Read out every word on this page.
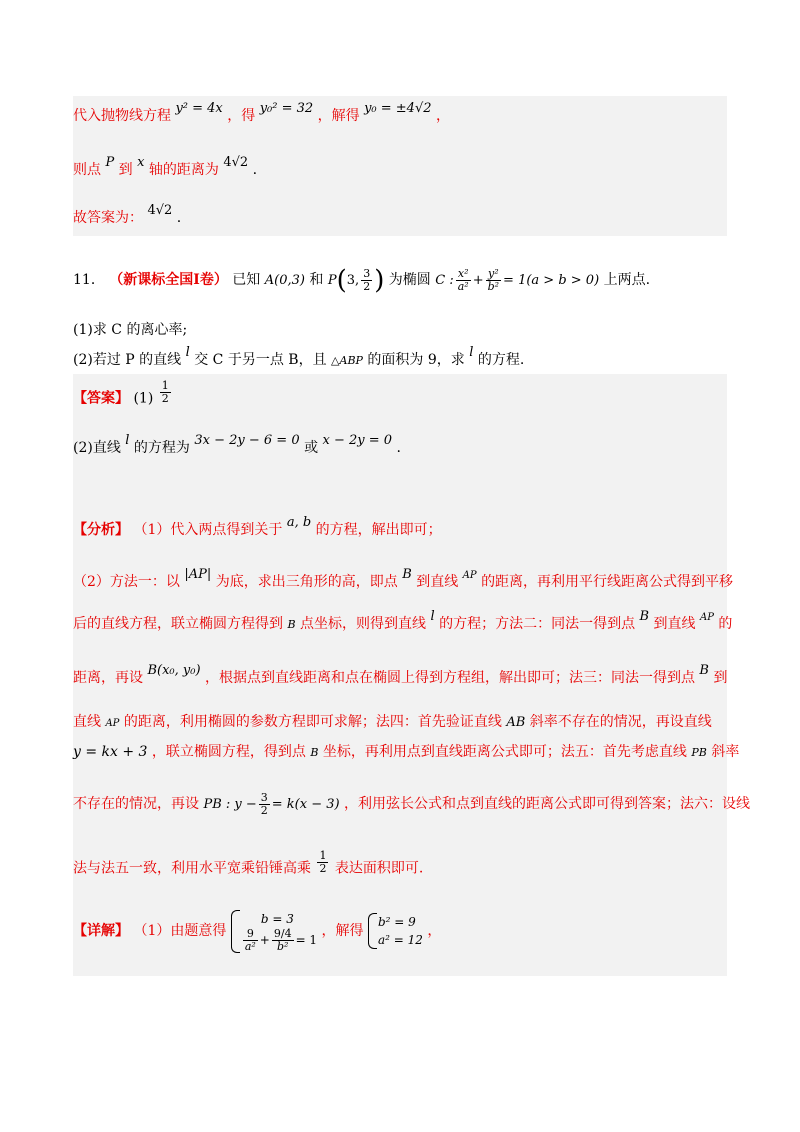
代入抛物线方程 y² = 4x ，得 y₀² = 32 ，解得 y₀ = ±4√2 ，
则点 P 到 x 轴的距离为 4√2 .
故答案为： 4√2 .
11． （新课标全国Ⅰ卷） 已知 A(0,3) 和 P(3, $\frac{3}{2}$ ) 为椭圆 C : $\frac{\text{x²}}{\text{a²}} + \frac{\text{y²}}{\text{b²}} = 1(a > b > 0)$ 上两点.
(1)求 C 的离心率;
(2)若过 P 的直线 l 交 C 于另一点 B，且 △ABP 的面积为 9，求 l 的方程.
【答案】 $(1) \frac{1}{2}$
(2)直线 l 的方程为 3x − 2y − 6 = 0 或 x − 2y = 0 .
【分析】 （1）代入两点得到关于 a, b 的方程，解出即可；
（2）方法一：以 |AP| 为底，求出三角形的高，即点 B 到直线 $^{AP}$ 的距离，再利用平行线距离公式得到平移
后的直线方程，联立椭圆方程得到 B 点坐标，则得到直线 l 的方程；方法二：同法一得到点 B 到直线 $^{AP}$ 的
距离，再设 B(x₀, y₀) ，根据点到直线距离和点在椭圆上得到方程组，解出即可；法三：同法一得到点 B 到
直线 AP 的距离，利用椭圆的参数方程即可求解；法四：首先验证直线 AB 斜率不存在的情况，再设直线
y = kx + 3 ，联立椭圆方程，得到点 B 坐标，再利用点到直线距离公式即可；法五：首先考虑直线 PB 斜率
不存在的情况，再设 PB : $y - \frac{3}{2} = k(x - 3)$ ，利用弦长公式和点到直线的距离公式即可得到答案；法六：设线
法与法五一致，利用水平宽乘铅锤高乘 $\frac{1}{2}$ 表达面积即可.
【详解】 （1）由题意得
b = 3
$\frac{9}{\text{a²}} + \frac{9/4}{\text{b²}} = 1$
，解得
b² = 9
a² = 12
，
